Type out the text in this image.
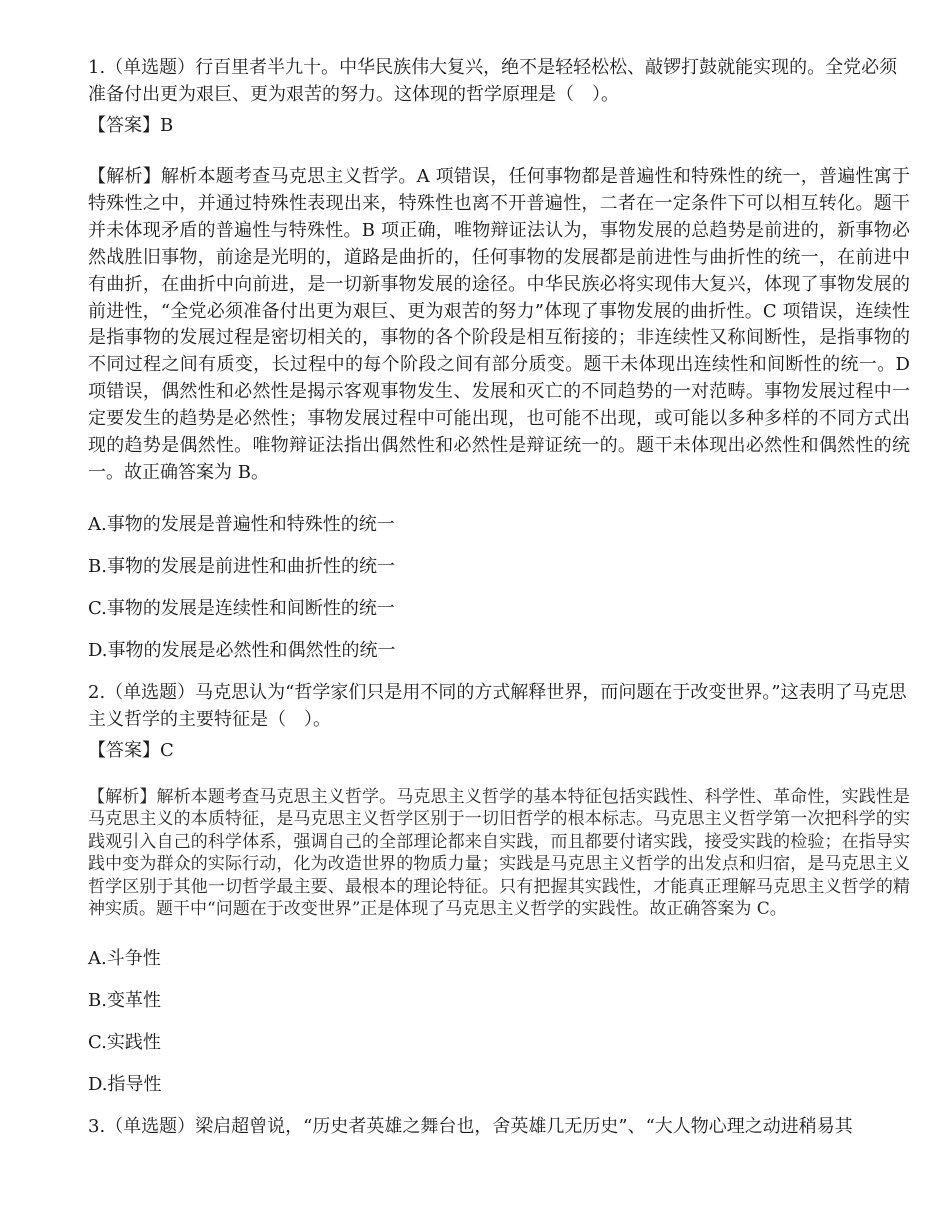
1.（单选题）行百里者半九十。中华民族伟大复兴，绝不是轻轻松松、敲锣打鼓就能实现的。全党必须准备付出更为艰巨、更为艰苦的努力。这体现的哲学原理是（　）。

【答案】B

【解析】解析本题考查马克思主义哲学。A 项错误，任何事物都是普遍性和特殊性的统一，普遍性寓于特殊性之中，并通过特殊性表现出来，特殊性也离不开普遍性，二者在一定条件下可以相互转化。题干并未体现矛盾的普遍性与特殊性。B 项正确，唯物辩证法认为，事物发展的总趋势是前进的，新事物必然战胜旧事物，前途是光明的，道路是曲折的，任何事物的发展都是前进性与曲折性的统一，在前进中有曲折，在曲折中向前进，是一切新事物发展的途径。中华民族必将实现伟大复兴，体现了事物发展的前进性，“全党必须准备付出更为艰巨、更为艰苦的努力”体现了事物发展的曲折性。C 项错误，连续性是指事物的发展过程是密切相关的，事物的各个阶段是相互衔接的；非连续性又称间断性，是指事物的不同过程之间有质变，长过程中的每个阶段之间有部分质变。题干未体现出连续性和间断性的统一。D 项错误，偶然性和必然性是揭示客观事物发生、发展和灭亡的不同趋势的一对范畴。事物发展过程中一定要发生的趋势是必然性；事物发展过程中可能出现，也可能不出现，或可能以多种多样的不同方式出现的趋势是偶然性。唯物辩证法指出偶然性和必然性是辩证统一的。题干未体现出必然性和偶然性的统一。故正确答案为 B。

A.事物的发展是普遍性和特殊性的统一

B.事物的发展是前进性和曲折性的统一

C.事物的发展是连续性和间断性的统一

D.事物的发展是必然性和偶然性的统一

2.（单选题）马克思认为“哲学家们只是用不同的方式解释世界，而问题在于改变世界。”这表明了马克思主义哲学的主要特征是（　）。

【答案】C

【解析】解析本题考查马克思主义哲学。马克思主义哲学的基本特征包括实践性、科学性、革命性，实践性是马克思主义的本质特征，是马克思主义哲学区别于一切旧哲学的根本标志。马克思主义哲学第一次把科学的实践观引入自己的科学体系，强调自己的全部理论都来自实践，而且都要付诸实践，接受实践的检验；在指导实践中变为群众的实际行动，化为改造世界的物质力量；实践是马克思主义哲学的出发点和归宿，是马克思主义哲学区别于其他一切哲学最主要、最根本的理论特征。只有把握其实践性，才能真正理解马克思主义哲学的精神实质。题干中“问题在于改变世界”正是体现了马克思主义哲学的实践性。故正确答案为 C。

A.斗争性

B.变革性

C.实践性

D.指导性

3.（单选题）梁启超曾说，“历史者英雄之舞台也，舍英雄几无历史”、“大人物心理之动进稍易其
